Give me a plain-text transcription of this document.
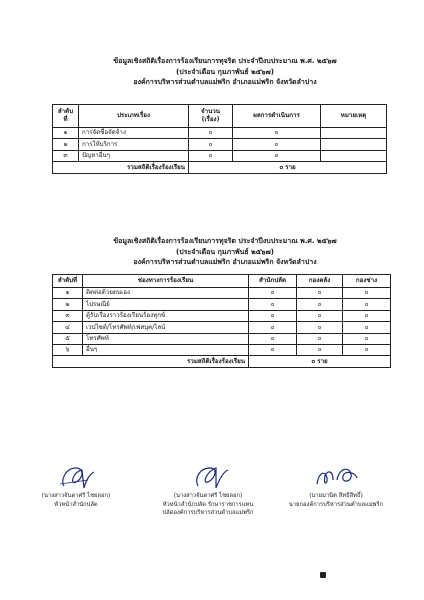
ข้อมูลเชิงสถิติเรื่องการร้องเรียนการทุจริต ประจำปีงบประมาณ พ.ศ. ๒๕๖๗
(ประจำเดือน กุมภาพันธ์ ๒๕๖๗)
องค์การบริหารส่วนตำบลแม่พริก อำเภอแม่พริก จังหวัดลำปาง
ลำดับที่	ประเภทเรื่อง	จำนวน (เรื่อง)	ผลการดำเนินการ	หมายเหตุ
๑	การจัดซื้อจัดจ้าง	๐	๐	
๒	การให้บริการ	๐	๐	
๓	ปัญหาอื่นๆ	๐	๐	
รวมสถิติเรื่องร้องเรียน		๐ ราย		
ข้อมูลเชิงสถิติเรื่องการร้องเรียนการทุจริต ประจำปีงบประมาณ พ.ศ. ๒๕๖๗
(ประจำเดือน กุมภาพันธ์ ๒๕๖๗)
องค์การบริหารส่วนตำบลแม่พริก อำเภอแม่พริก จังหวัดลำปาง
ลำดับที่	ช่องทางการร้องเรียน	สำนักปลัด	กองคลัง	กองช่าง
๑	ติดต่อด้วยตนเอง	๐	๐	๐
๒	ไปรษณีย์	๐	๐	๐
๓	ตู้รับเรื่องราวร้องเรียนร้องทุกข์	๐	๐	๐
๔	เวปไซต์/โทรศัพท์/เฟสบุค/ไลน์	๐	๐	๐
๕	โทรศัพท์	๐	๐	๐
๖	อื่นๆ	๐	๐	๐
รวมสถิติเรื่องร้องเรียน		๐ ราย		
(นางสาวจันดาศรี ไชยลอก)
หัวหน้าสำนักปลัด
(นางสาวจันดาศรี ไชยลอก)
หัวหน้าสำนักปลัด รักษาราชการแทน
ปลัดองค์การบริหารส่วนตำบลแม่พริก
(นายมานิต สิทธิสิทธิ์)
นายกองค์การบริหารส่วนตำบลแม่พริก
